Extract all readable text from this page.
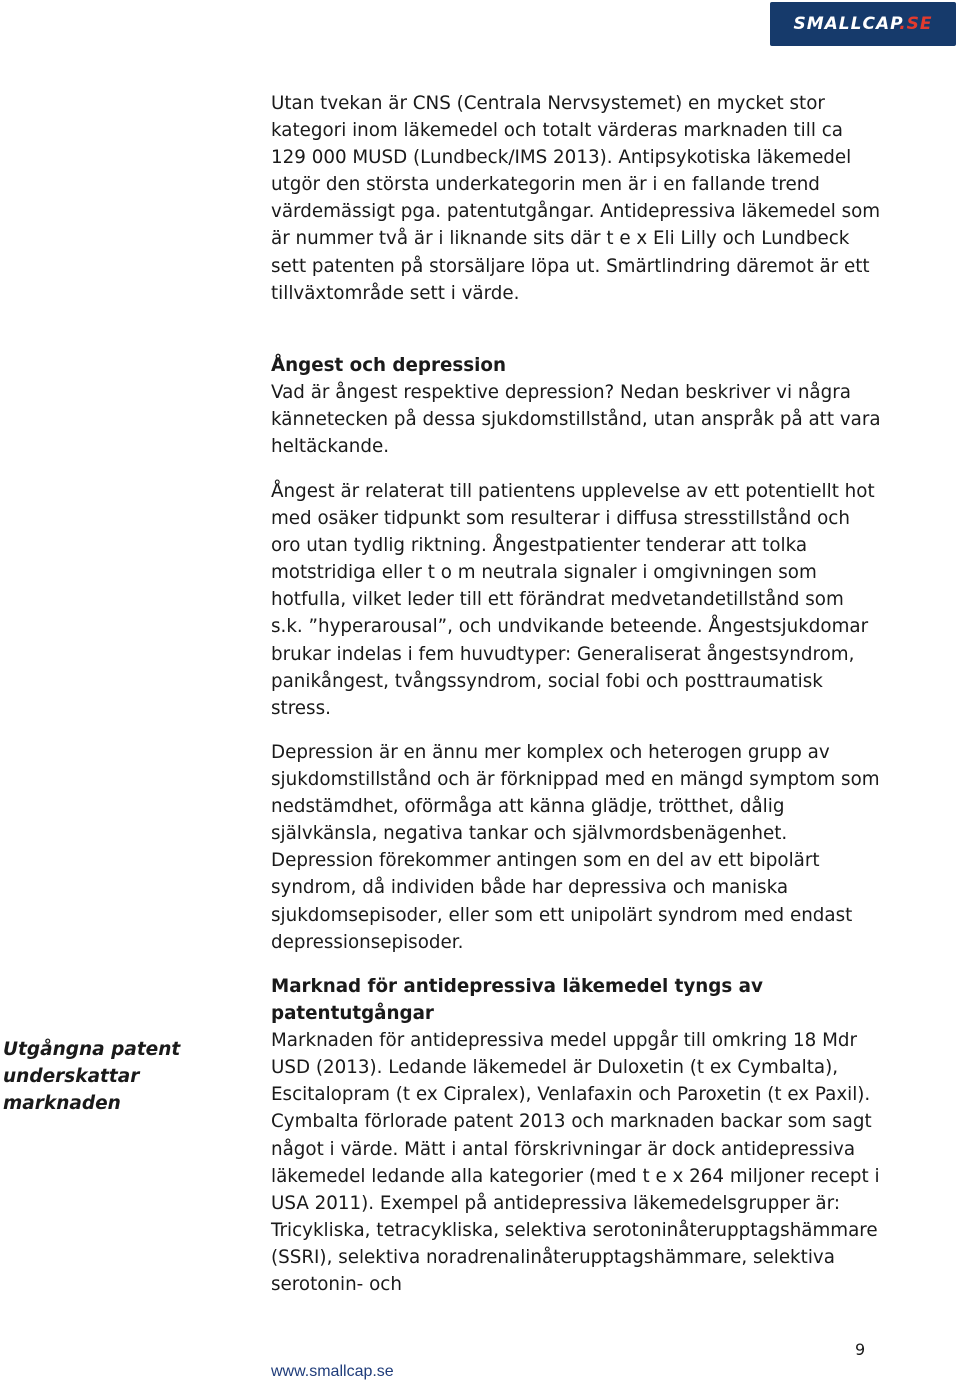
SMALLCAP.SE

Utan tvekan är CNS (Centrala Nervsystemet) en mycket stor kategori inom läkemedel och totalt värderas marknaden till ca 129 000 MUSD (Lundbeck/IMS 2013). Antipsykotiska läkemedel utgör den största underkategorin men är i en fallande trend värdemässigt pga. patentutgångar. Antidepressiva läkemedel som är nummer två är i liknande sits där t e x Eli Lilly och Lundbeck sett patenten på storsäljare löpa ut. Smärtlindring däremot är ett tillväxtområde sett i värde.

Ångest och depression

Vad är ångest respektive depression? Nedan beskriver vi några kännetecken på dessa sjukdomstillstånd, utan anspråk på att vara heltäckande.

Ångest är relaterat till patientens upplevelse av ett potentiellt hot med osäker tidpunkt som resulterar i diffusa stresstillstånd och oro utan tydlig riktning. Ångestpatienter tenderar att tolka motstridiga eller t o m neutrala signaler i omgivningen som hotfulla, vilket leder till ett förändrat medvetandetillstånd som s.k. ”hyperarousal”, och undvikande beteende. Ångestsjukdomar brukar indelas i fem huvudtyper: Generaliserat ångestsyndrom, panikångest, tvångssyndrom, social fobi och posttraumatisk stress.

Depression är en ännu mer komplex och heterogen grupp av sjukdomstillstånd och är förknippad med en mängd symptom som nedstämdhet, oförmåga att känna glädje, trötthet, dålig självkänsla, negativa tankar och självmordsbenägenhet. Depression förekommer antingen som en del av ett bipolärt syndrom, då individen både har depressiva och maniska sjukdomsepisoder, eller som ett unipolärt syndrom med endast depressionsepisoder.

Marknad för antidepressiva läkemedel tyngs av patentutgångar

Marknaden för antidepressiva medel uppgår till omkring 18 Mdr USD (2013). Ledande läkemedel är Duloxetin (t ex Cymbalta), Escitalopram (t ex Cipralex), Venlafaxin och Paroxetin (t ex Paxil). Cymbalta förlorade patent 2013 och marknaden backar som sagt något i värde. Mätt i antal förskrivningar är dock antidepressiva läkemedel ledande alla kategorier (med t e x 264 miljoner recept i USA 2011). Exempel på antidepressiva läkemedelsgrupper är: Tricykliska, tetracykliska, selektiva serotoninåterupptagshämmare (SSRI), selektiva noradrenalinåterupptagshämmare, selektiva serotonin- och

Utgångna patent underskattar marknaden
9
www.smallcap.se
